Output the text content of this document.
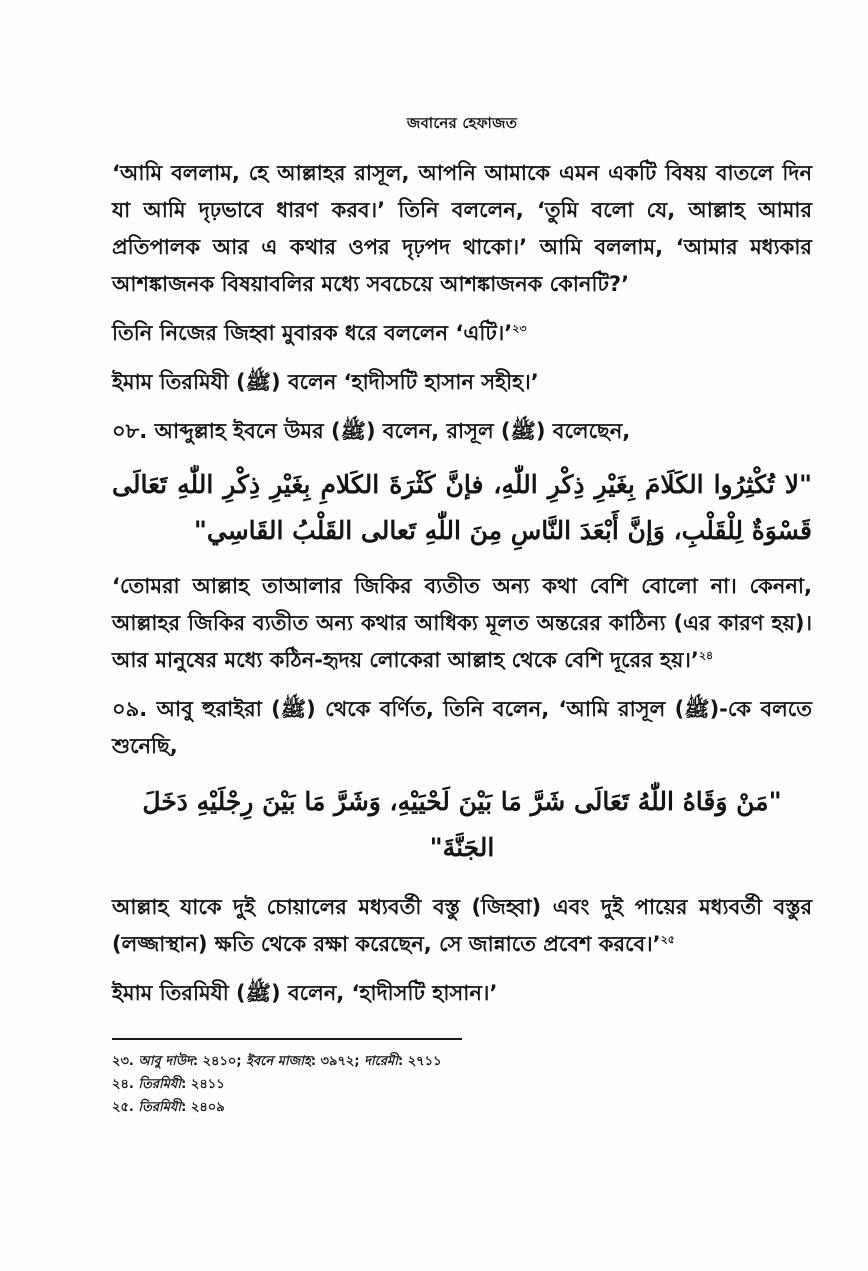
জবানের হেফাজত

‘আমি বললাম, হে আল্লাহর রাসূল, আপনি আমাকে এমন একটি বিষয় বাতলে দিন যা আমি দৃঢ়ভাবে ধারণ করব।’ তিনি বললেন, ‘তুমি বলো যে, আল্লাহ আমার প্রতিপালক আর এ কথার ওপর দৃঢ়পদ থাকো।’ আমি বললাম, ‘আমার মধ্যকার আশঙ্কাজনক বিষয়াবলির মধ্যে সবচেয়ে আশঙ্কাজনক কোনটি?’

তিনি নিজের জিহ্বা মুবারক ধরে বললেন ‘এটি।’$^{২৩}$

ইমাম তিরমিযী (ﷺ) বলেন ‘হাদীসটি হাসান সহীহ।’

০৮. আব্দুল্লাহ ইবনে উমর (ﷺ) বলেন, রাসূল (ﷺ) বলেছেন,

"لا تُكْثِرُوا الكَلَامَ بِغَيْرِ ذِكْرِ اللّٰهِ، فإنَّ كَثْرَةَ الكَلامِ بِغَيْرِ ذِكْرِ اللّٰهِ تَعَالَى قَسْوَةٌ لِلْقَلْبِ، وَإنَّ أَبْعَدَ النَّاسِ مِنَ اللّٰهِ تَعالى القَلْبُ القَاسِي"

‘তোমরা আল্লাহ তাআলার জিকির ব্যতীত অন্য কথা বেশি বোলো না। কেননা, আল্লাহর জিকির ব্যতীত অন্য কথার আধিক্য মূলত অন্তরের কাঠিন্য (এর কারণ হয়)। আর মানুষের মধ্যে কঠিন-হৃদয় লোকেরা আল্লাহ থেকে বেশি দূরের হয়।’$^{২৪}$

০৯. আবু হুরাইরা (ﷺ) থেকে বর্ণিত, তিনি বলেন, ‘আমি রাসূল (ﷺ)-কে বলতে শুনেছি,

"مَنْ وَقَاهُ اللّٰهُ تَعَالَى شَرَّ مَا بَيْنَ لَحْيَيْهِ، وَشَرَّ مَا بَيْنَ رِجْلَيْهِ دَخَلَ الجَنَّةَ"

আল্লাহ যাকে দুই চোয়ালের মধ্যবর্তী বস্তু (জিহ্বা) এবং দুই পায়ের মধ্যবর্তী বস্তুর (লজ্জাস্থান) ক্ষতি থেকে রক্ষা করেছেন, সে জান্নাতে প্রবেশ করবে।’$^{২৫}$

ইমাম তিরমিযী (ﷺ) বলেন, ‘হাদীসটি হাসান।’

২৩. আবু দাউদ: ২৪১০; ইবনে মাজাহ: ৩৯৭২; দারেমী: ২৭১১

২৪. তিরমিযী: ২৪১১

২৫. তিরমিযী: ২৪০৯
